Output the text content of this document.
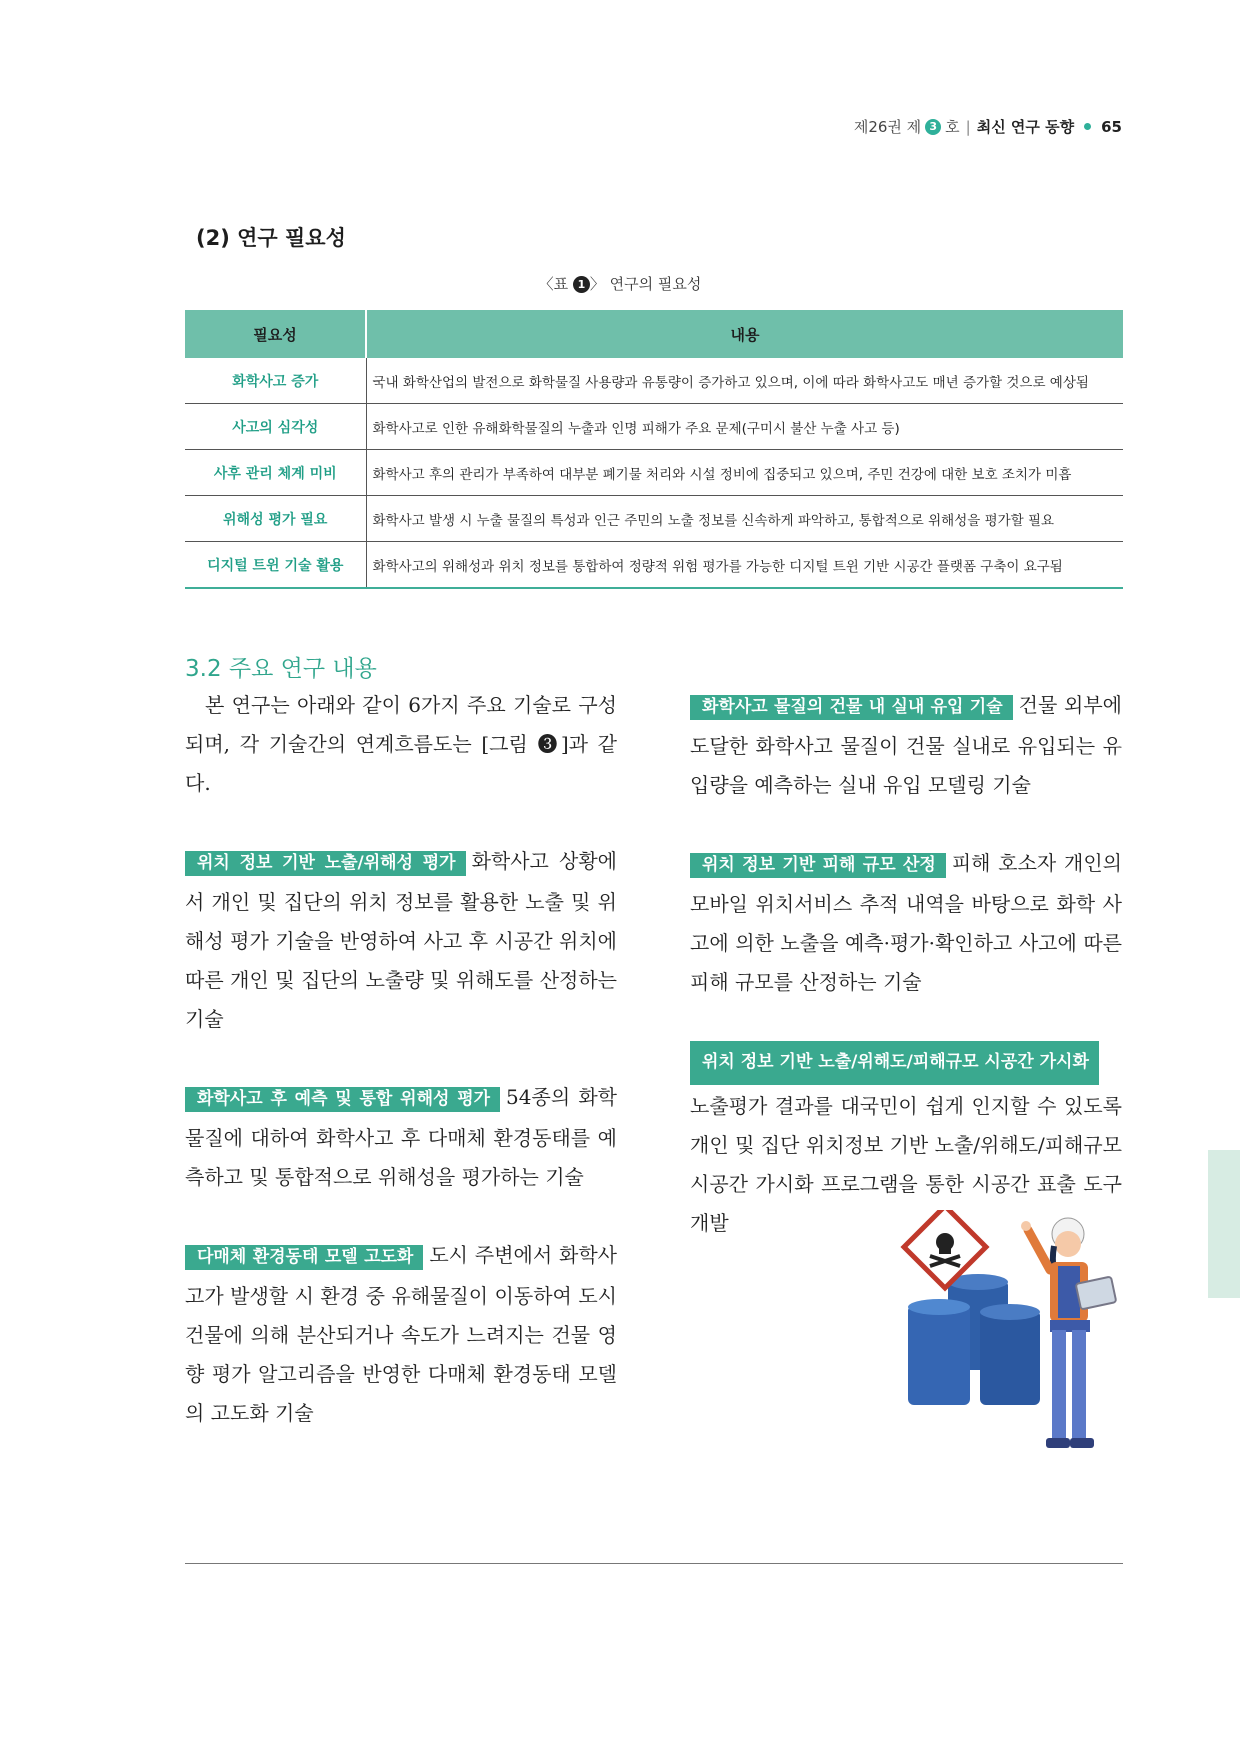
제26권 제 3 호 | 최신 연구 동향 65
(2) 연구 필요성
〈표 1 〉 연구의 필요성
필요성	내용
화학사고 증가	국내 화학산업의 발전으로 화학물질 사용량과 유통량이 증가하고 있으며, 이에 따라 화학사고도 매년 증가할 것으로 예상됨
사고의 심각성	화학사고로 인한 유해화학물질의 누출과 인명 피해가 주요 문제(구미시 불산 누출 사고 등)
사후 관리 체계 미비	화학사고 후의 관리가 부족하여 대부분 폐기물 처리와 시설 정비에 집중되고 있으며, 주민 건강에 대한 보호 조치가 미흡
위해성 평가 필요	화학사고 발생 시 누출 물질의 특성과 인근 주민의 노출 정보를 신속하게 파악하고, 통합적으로 위해성을 평가할 필요
디지털 트윈 기술 활용	화학사고의 위해성과 위치 정보를 통합하여 정량적 위험 평가를 가능한 디지털 트윈 기반 시공간 플랫폼 구축이 요구됨
3.2 주요 연구 내용

본 연구는 아래와 같이 6가지 주요 기술로 구성되며, 각 기술간의 연계흐름도는 [그림 ❸]과 같다.

위치 정보 기반 노출/위해성 평가 화학사고 상황에서 개인 및 집단의 위치 정보를 활용한 노출 및 위해성 평가 기술을 반영하여 사고 후 시공간 위치에 따른 개인 및 집단의 노출량 및 위해도를 산정하는 기술

화학사고 후 예측 및 통합 위해성 평가 54종의 화학물질에 대하여 화학사고 후 다매체 환경동태를 예측하고 및 통합적으로 위해성을 평가하는 기술

다매체 환경동태 모델 고도화 도시 주변에서 화학사고가 발생할 시 환경 중 유해물질이 이동하여 도시 건물에 의해 분산되거나 속도가 느려지는 건물 영향 평가 알고리즘을 반영한 다매체 환경동태 모델의 고도화 기술

화학사고 물질의 건물 내 실내 유입 기술 건물 외부에 도달한 화학사고 물질이 건물 실내로 유입되는 유입량을 예측하는 실내 유입 모델링 기술

위치 정보 기반 피해 규모 산정 피해 호소자 개인의 모바일 위치서비스 추적 내역을 바탕으로 화학 사고에 의한 노출을 예측·평가·확인하고 사고에 따른 피해 규모를 산정하는 기술

위치 정보 기반 노출/위해도/피해규모 시공간 가시화
노출평가 결과를 대국민이 쉽게 인지할 수 있도록 개인 및 집단 위치정보 기반 노출/위해도/피해규모 시공간 가시화 프로그램을 통한 시공간 표출 도구 개발
